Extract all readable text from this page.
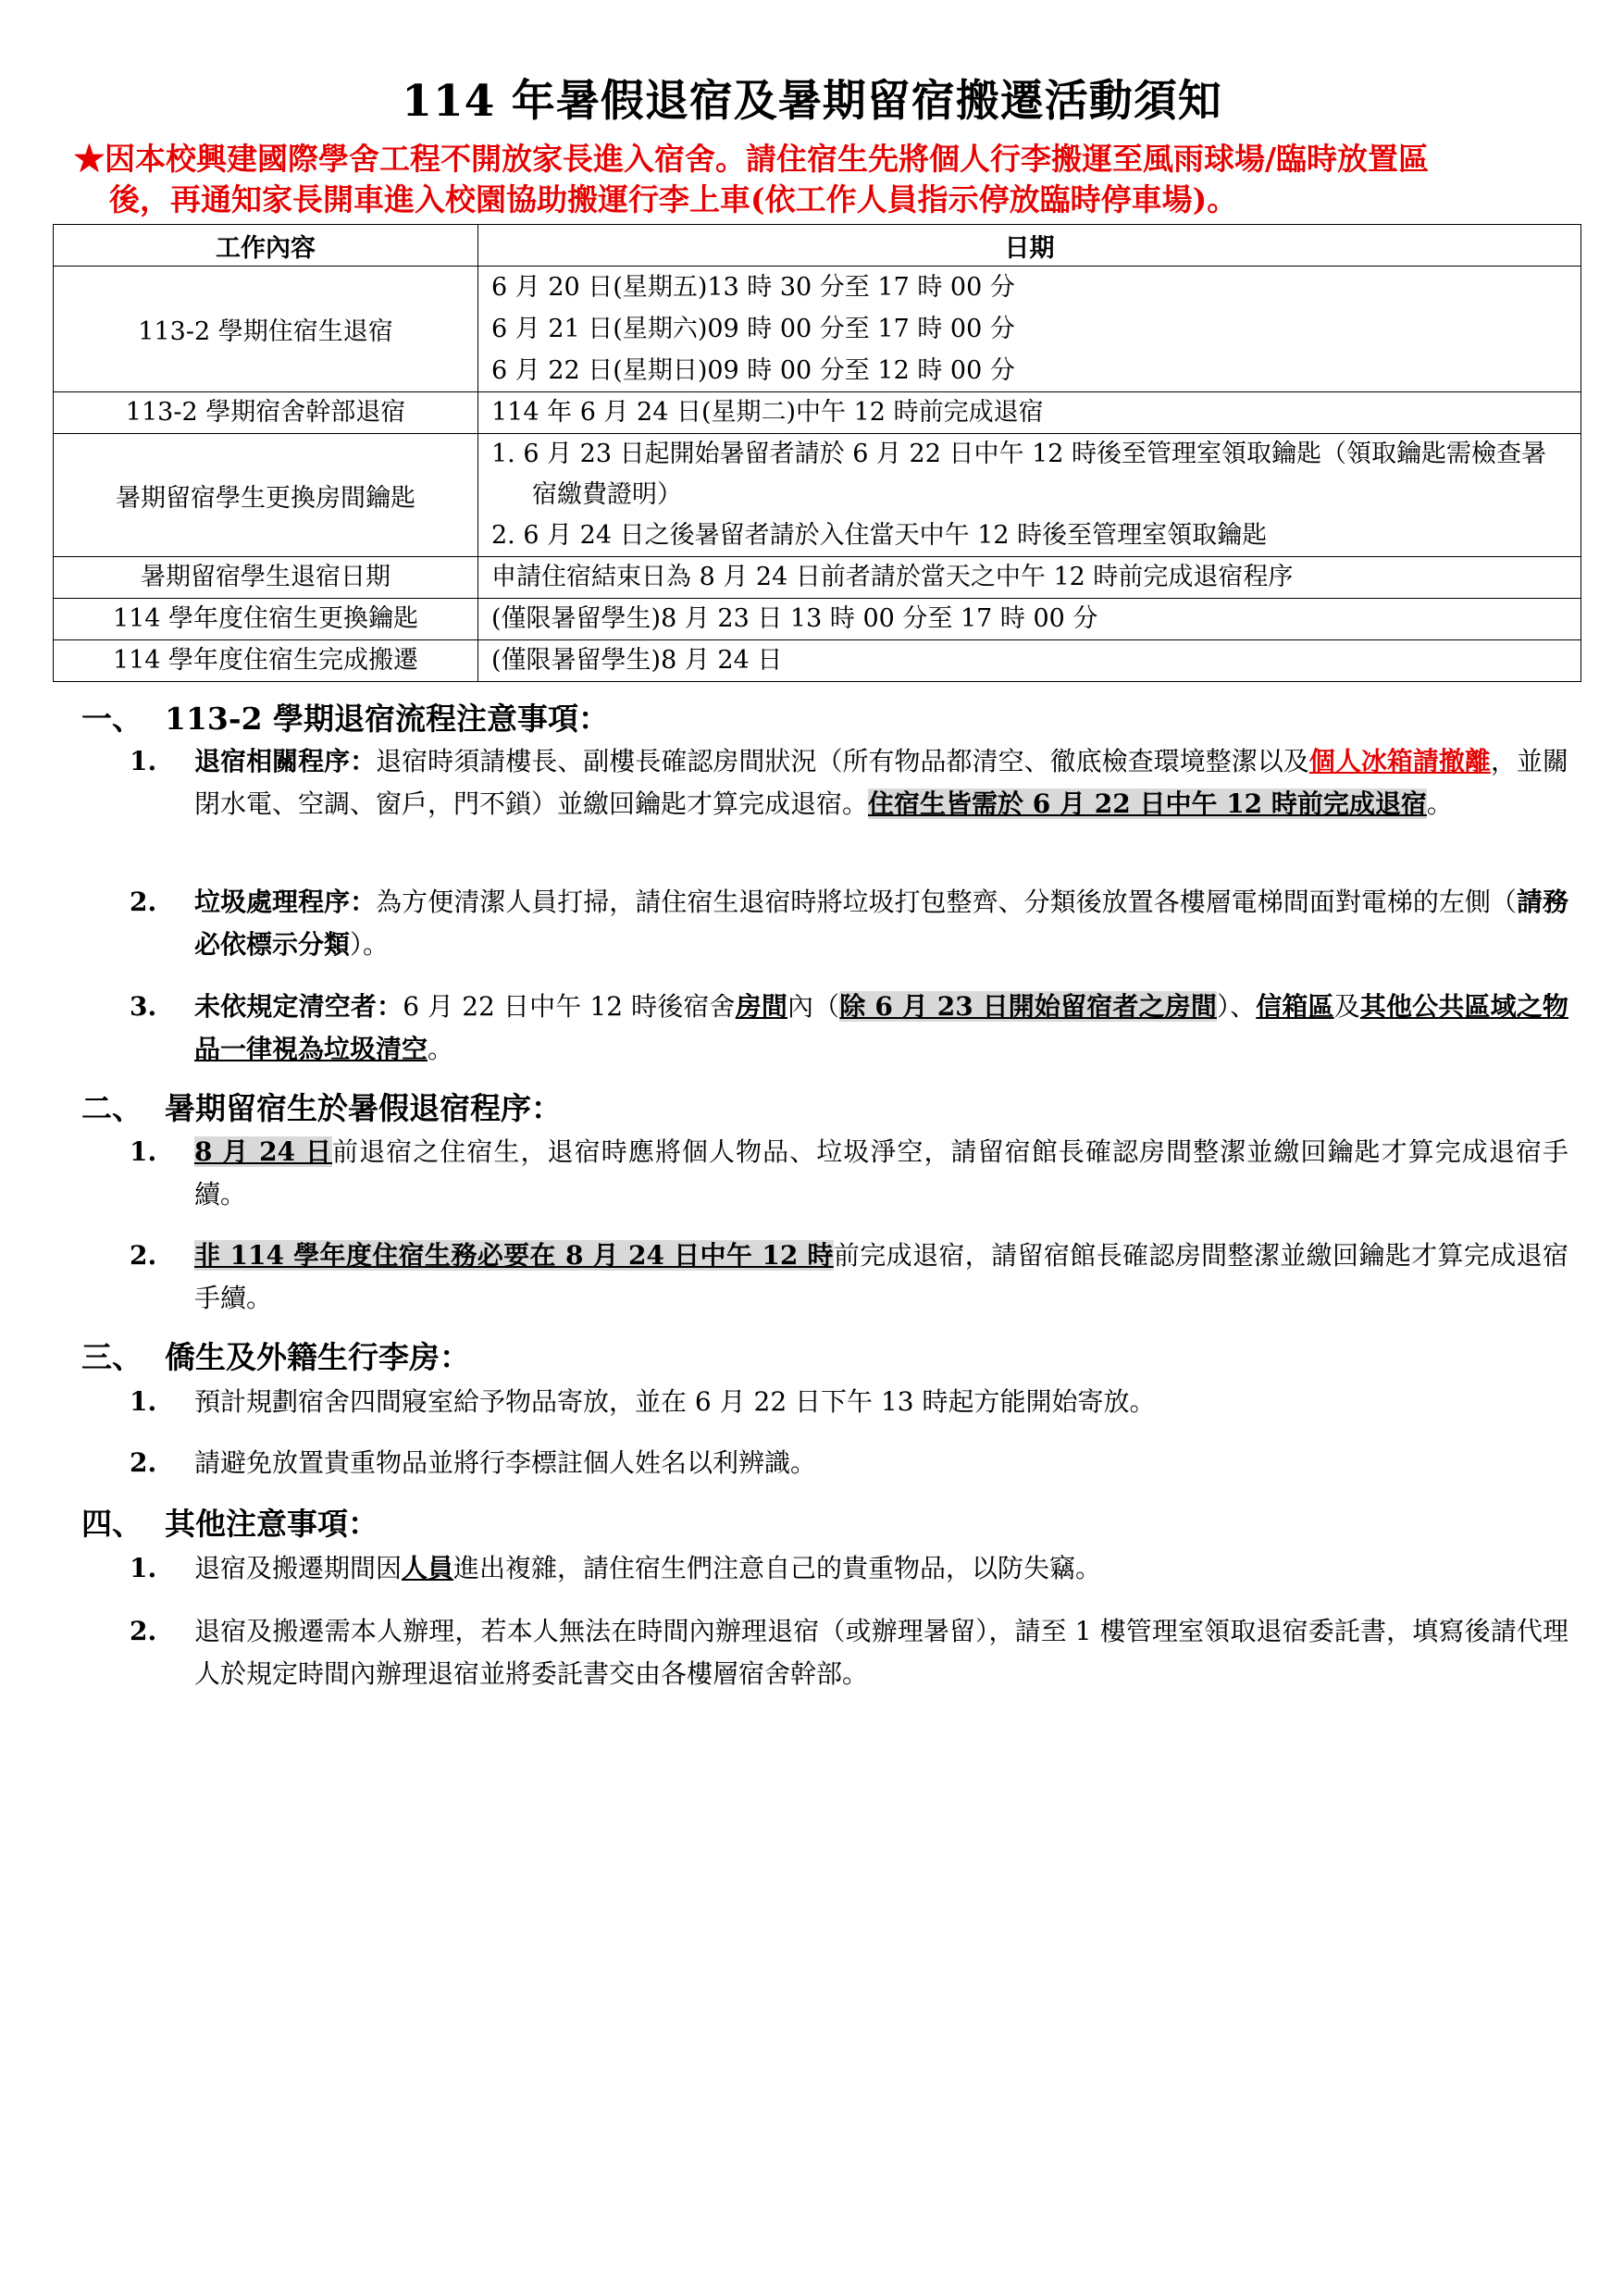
114 年暑假退宿及暑期留宿搬遷活動須知
★因本校興建國際學舍工程不開放家長進入宿舍。請住宿生先將個人行李搬運至風雨球場/臨時放置區
後，再通知家長開車進入校園協助搬運行李上車(依工作人員指示停放臨時停車場)。
工作內容	日期
113-2 學期住宿生退宿	6 月 20 日(星期五)13 時 30 分至 17 時 00 分
6 月 21 日(星期六)09 時 00 分至 17 時 00 分
6 月 22 日(星期日)09 時 00 分至 12 時 00 分

113-2 學期宿舍幹部退宿	114 年 6 月 24 日(星期二)中午 12 時前完成退宿
暑期留宿學生更換房間鑰匙	1. 6 月 23 日起開始暑留者請於 6 月 22 日中午 12 時後至管理室領取鑰匙（領取鑰匙需檢查暑宿繳費證明）
2. 6 月 24 日之後暑留者請於入住當天中午 12 時後至管理室領取鑰匙

暑期留宿學生退宿日期	申請住宿結束日為 8 月 24 日前者請於當天之中午 12 時前完成退宿程序
114 學年度住宿生更換鑰匙	(僅限暑留學生)8 月 23 日 13 時 00 分至 17 時 00 分
114 學年度住宿生完成搬遷	(僅限暑留學生)8 月 24 日
一、 113-2 學期退宿流程注意事項：
1. 退宿相關程序：退宿時須請樓長、副樓長確認房間狀況（所有物品都清空、徹底檢查環境整潔以及個人冰箱請撤離，並關閉水電、空調、窗戶，門不鎖）並繳回鑰匙才算完成退宿。住宿生皆需於 6 月 22 日中午 12 時前完成退宿。
2. 垃圾處理程序：為方便清潔人員打掃，請住宿生退宿時將垃圾打包整齊、分類後放置各樓層電梯間面對電梯的左側（請務必依標示分類）。
3. 未依規定清空者：6 月 22 日中午 12 時後宿舍房間內（除 6 月 23 日開始留宿者之房間）、信箱區及其他公共區域之物品一律視為垃圾清空。
二、 暑期留宿生於暑假退宿程序：
1. 8 月 24 日前退宿之住宿生，退宿時應將個人物品、垃圾淨空，請留宿館長確認房間整潔並繳回鑰匙才算完成退宿手續。
2. 非 114 學年度住宿生務必要在 8 月 24 日中午 12 時前完成退宿，請留宿館長確認房間整潔並繳回鑰匙才算完成退宿手續。
三、 僑生及外籍生行李房：
1. 預計規劃宿舍四間寢室給予物品寄放，並在 6 月 22 日下午 13 時起方能開始寄放。
2. 請避免放置貴重物品並將行李標註個人姓名以利辨識。
四、 其他注意事項：
1. 退宿及搬遷期間因人員進出複雜，請住宿生們注意自己的貴重物品，以防失竊。
2. 退宿及搬遷需本人辦理，若本人無法在時間內辦理退宿（或辦理暑留），請至 1 樓管理室領取退宿委託書，填寫後請代理人於規定時間內辦理退宿並將委託書交由各樓層宿舍幹部。
